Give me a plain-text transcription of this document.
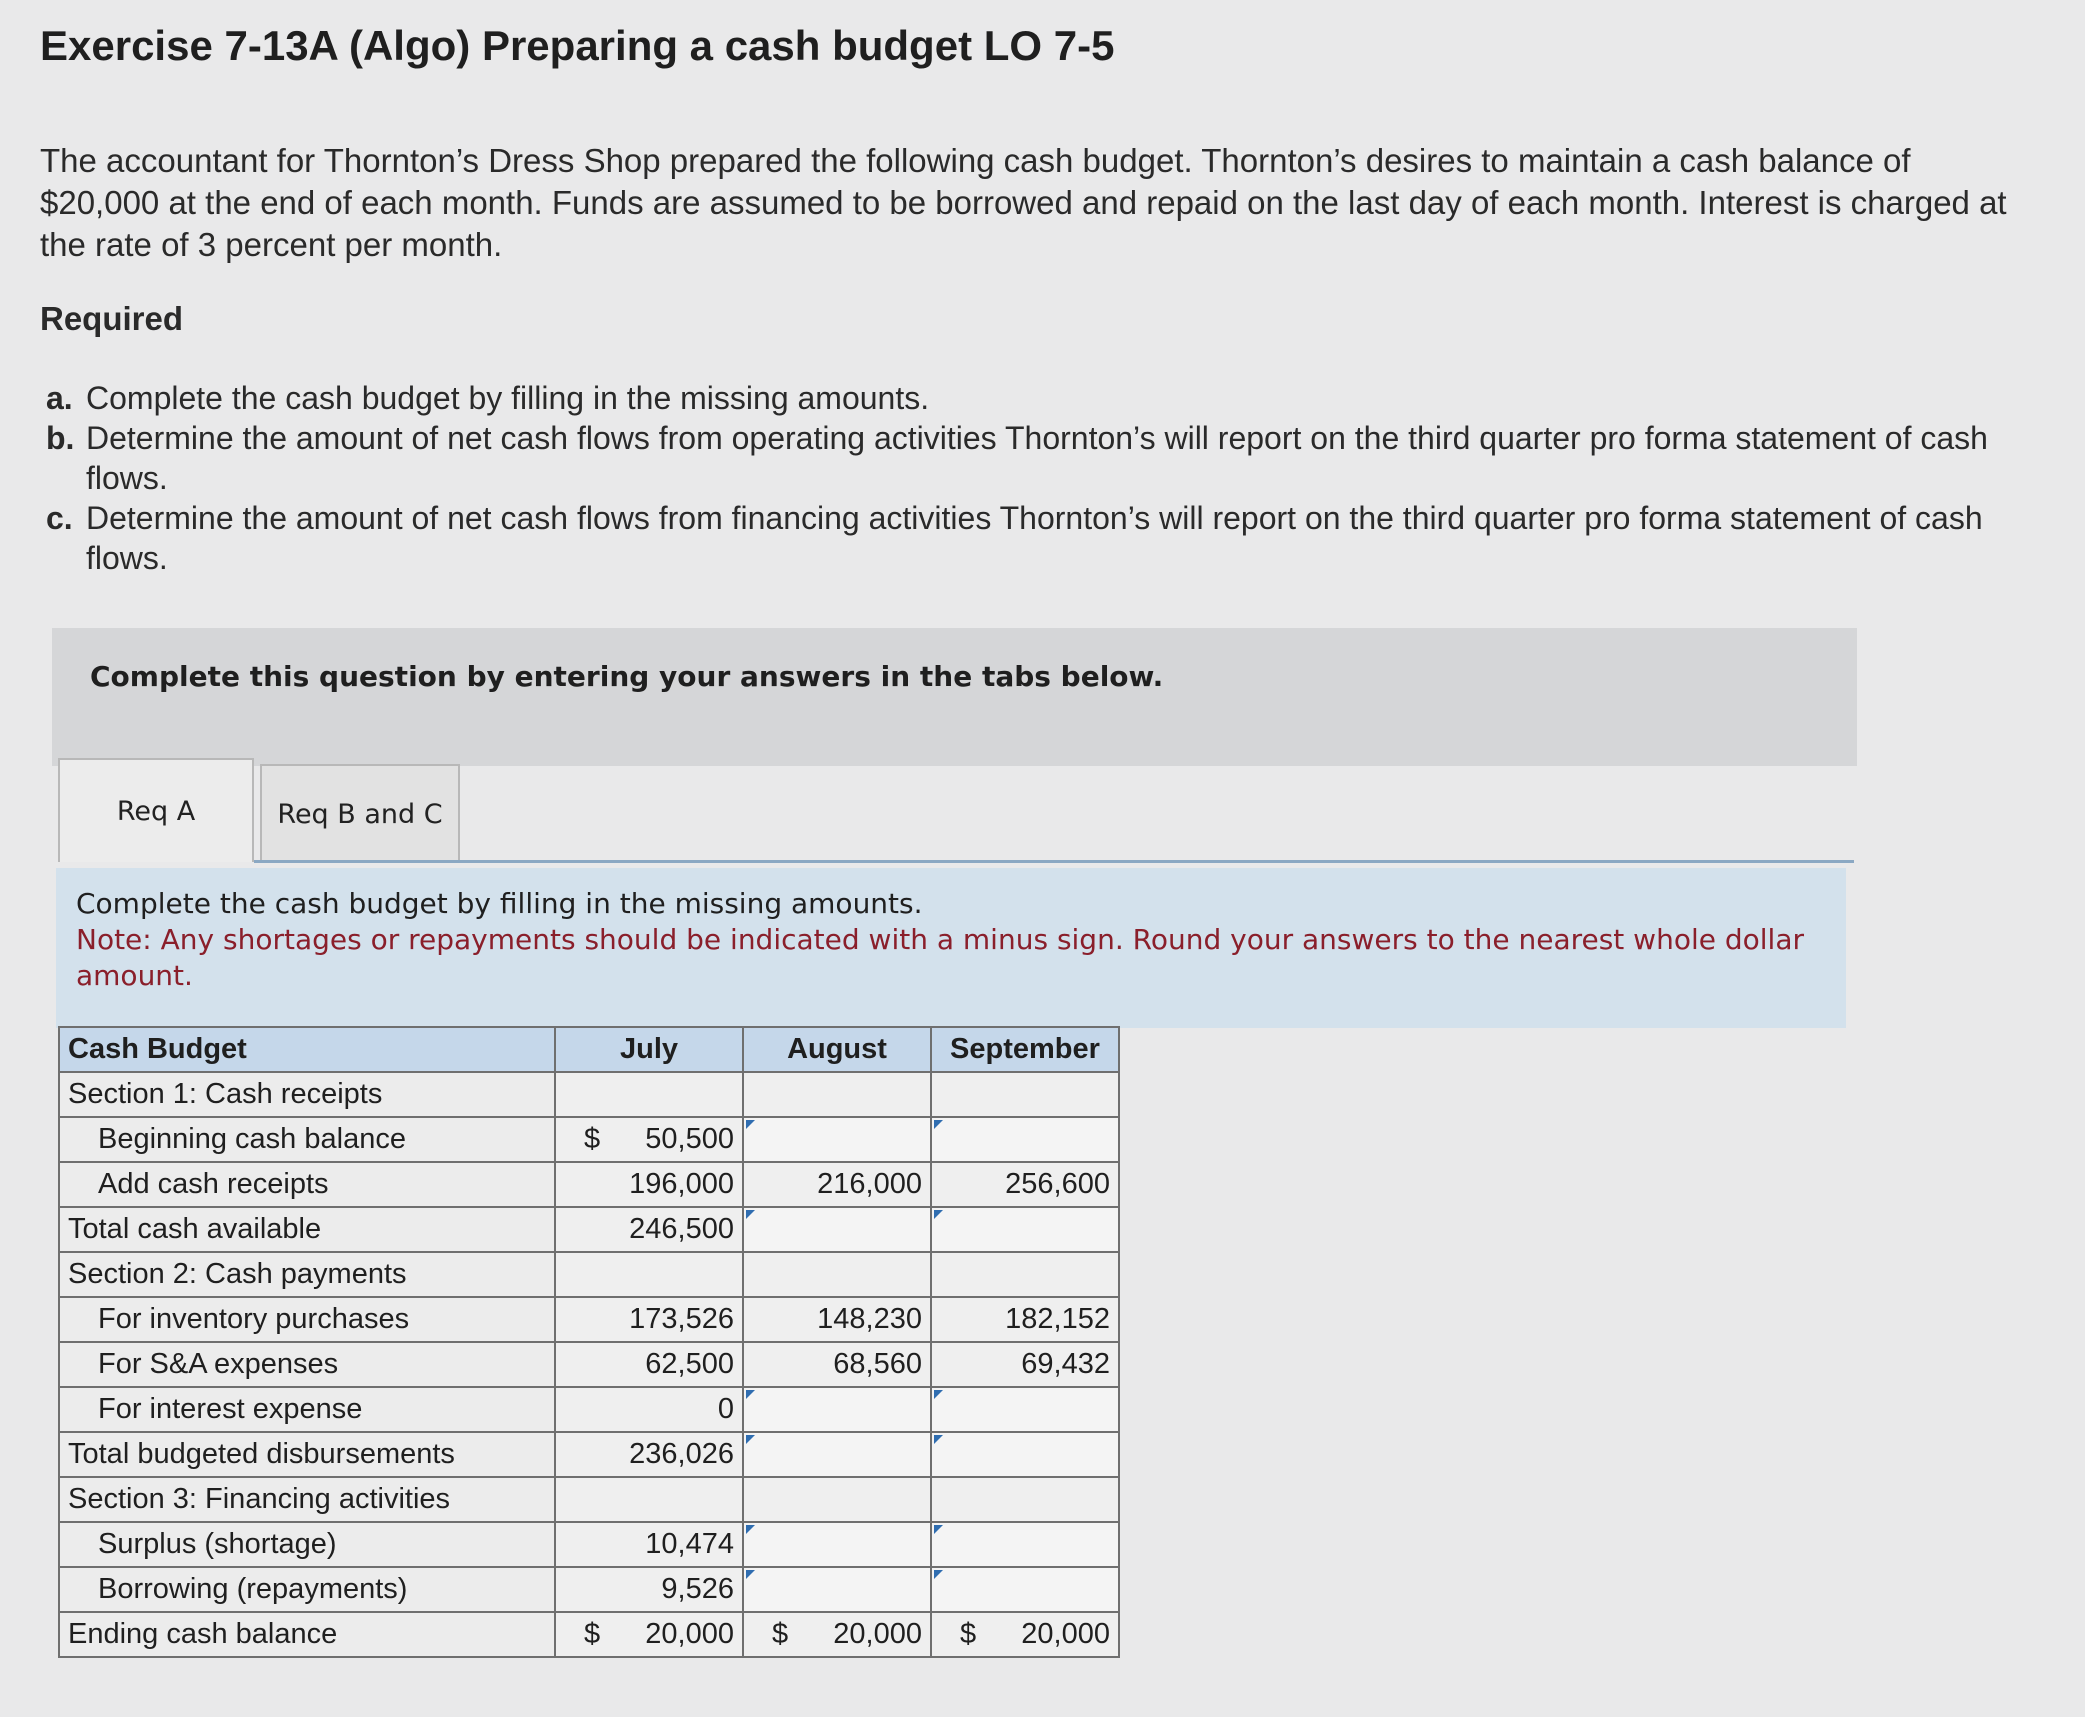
Exercise 7-13A (Algo) Preparing a cash budget LO 7-5
The accountant for Thornton’s Dress Shop prepared the following cash budget. Thornton’s desires to maintain a cash balance of $20,000 at the end of each month. Funds are assumed to be borrowed and repaid on the last day of each month. Interest is charged at the rate of 3 percent per month.
Required
a. Complete the cash budget by filling in the missing amounts.
b. Determine the amount of net cash flows from operating activities Thornton’s will report on the third quarter pro forma statement of cash flows.
c. Determine the amount of net cash flows from financing activities Thornton’s will report on the third quarter pro forma statement of cash flows.
Complete this question by entering your answers in the tabs below.
Req A	Req B and C
Complete the cash budget by filling in the missing amounts.
Note: Any shortages or repayments should be indicated with a minus sign. Round your answers to the nearest whole dollar amount.
Cash Budget	July	August	September
Section 1: Cash receipts			
Beginning cash balance	$ 50,500		
Add cash receipts	196,000	216,000	256,600
Total cash available	246,500		
Section 2: Cash payments			
For inventory purchases	173,526	148,230	182,152
For S&A expenses	62,500	68,560	69,432
For interest expense	0		
Total budgeted disbursements	236,026		
Section 3: Financing activities			
Surplus (shortage)	10,474		
Borrowing (repayments)	9,526		
Ending cash balance	$ 20,000	$ 20,000	$ 20,000
